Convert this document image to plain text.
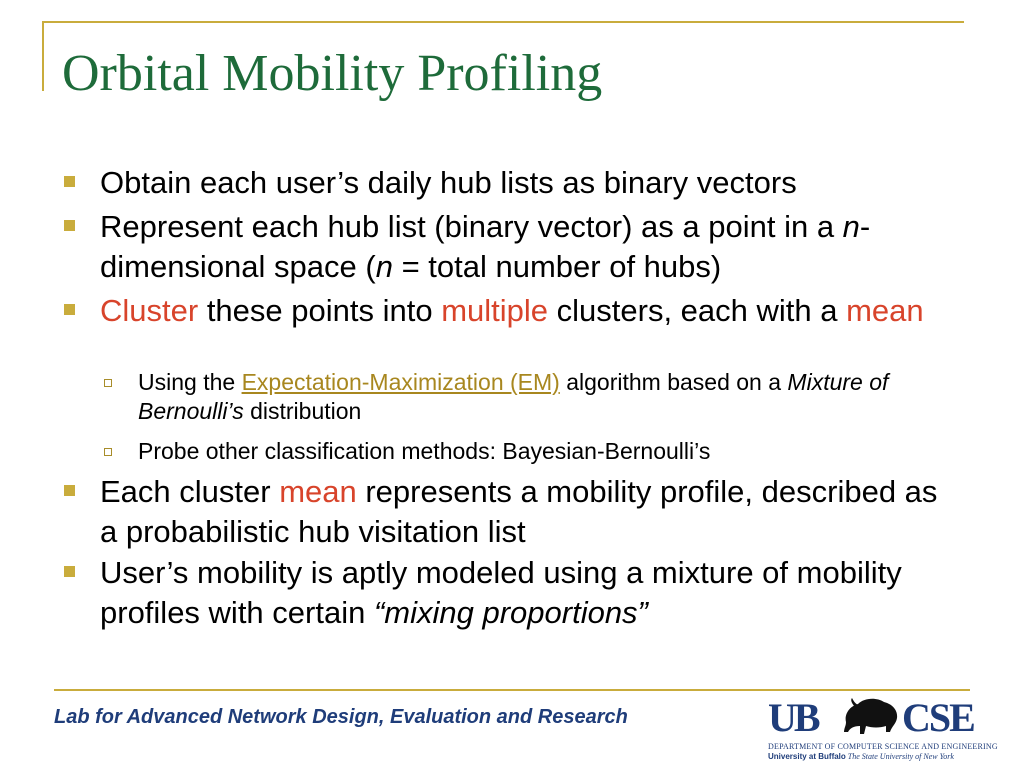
Orbital Mobility Profiling
Obtain each user’s daily hub lists as binary vectors
Represent each hub list (binary vector) as a point in a n-dimensional space (n = total number of hubs)
Cluster these points into multiple clusters, each with a mean
Using the Expectation-Maximization (EM) algorithm based on a Mixture of Bernoulli’s distribution
Probe other classification methods: Bayesian-Bernoulli’s
Each cluster mean represents a mobility profile, described as a probabilistic hub visitation list
User’s mobility is aptly modeled using a mixture of mobility profiles with certain “mixing proportions”
Lab for Advanced Network Design, Evaluation and Research	UB CSE
DEPARTMENT OF COMPUTER SCIENCE AND ENGINEERING
University at Buffalo The State University of New York
